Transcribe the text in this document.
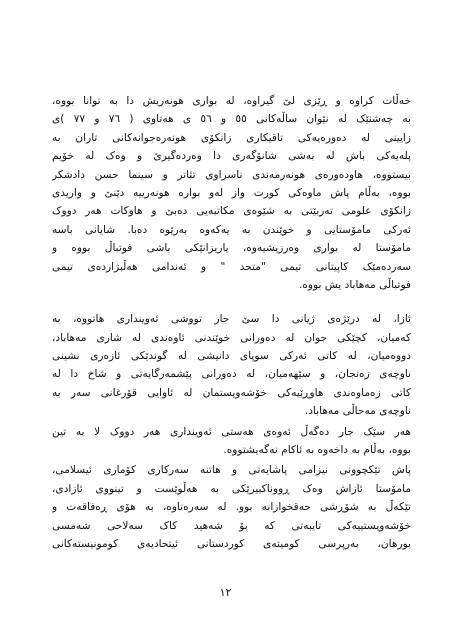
خەڵات كراوە و ڕێزی لێ گیراوە، لە بواری هونەریش دا بە توانا بووە،
بە چەشنێک لە نێوان ساڵەکانی ٥٥ و ٥٦ ی هەتاوی ( ٧٦ و ٧٧ )ی
زایینی لە دەورەیەکی تاقیکاری زانکۆی هونەرەجوانەکانی تاران بە
پلەیەکی باش لە بەشی شانۆگەری دا وەردەگیرێ و وەک لە خۆیم
بیستووە، هاودەورەی هونەرمەندی ناسراوی تئاتر و سینما حسن دادشکر
بووە، بەڵام پاش ماوەکی کورت واز لەو بوارە هونەرییە دێنێ و واریدی
زانکۆی علومی تەربێتی بە شێوەی مکاتبەیی دەبێ و هاوکات هەر دووک
ئەرکی مامۆستایی و خوێندن بە یەکەوە بەرێوە دەبا. شایانی باسە
مامۆستا لە بواری وەرزیشیەوە، یاریزانێکی باشی فوتباڵ بووە و
سەردەمێک کاپیتانی تیمی "متحد " و ئەندامی هەڵبژاردەی تیمی
فوتباڵی مەهاباد یش بووە.
ئازا، لە درێژەی ژیانی دا سێ جار تووشی ئەوینداری هاتووە، بە
کەمیان، کچێکی جوان لە دەورانی خوێندنی ئاوەندی لە شاری مەهاباد،
دووەمیان، لە کاتی ئەرکی سوپای دانیشی لە گوندێکی ئازەری نشینی
ناوچەی زەنجان، و سێهەمیان، لە دەورانی پێشمەرگایەتی و شاخ دا لە
کاتی زەماوەندی هاوڕێیەکی خۆشەویستمان لە ئاوایی قۆرغانی سەر بە
ناوچەی مەحاڵی مەهاباد.
هەر سێک جار دەگەڵ ئەوەی هەستی ئەوینداری هەر دووک لا بە تین
بووە، بەڵام بە داخەوە بە ئاکام نەگەیشتووە.
پاش تێکچوونی نیزامی پاشایەتی و هاتنە سەرکاری کۆماری ئیسلامی،
مامۆستا ئازاش وەک ڕووناکبیرێکی بە هەڵوێست و تینووی ئازادی،
تێکەڵ بە شۆڕشی حەقخوازانە بوو. لە سەرەتاوە، بە هۆی ڕەفاقەت و
خۆشەویستییەکی تایبەتی کە بۆ شەهید کاک سەلاحی شەمسی
بورهان، بەرپرسی کومیتەی کوردستانی ئیتحادیەی کومونیستەکانی
١٢
